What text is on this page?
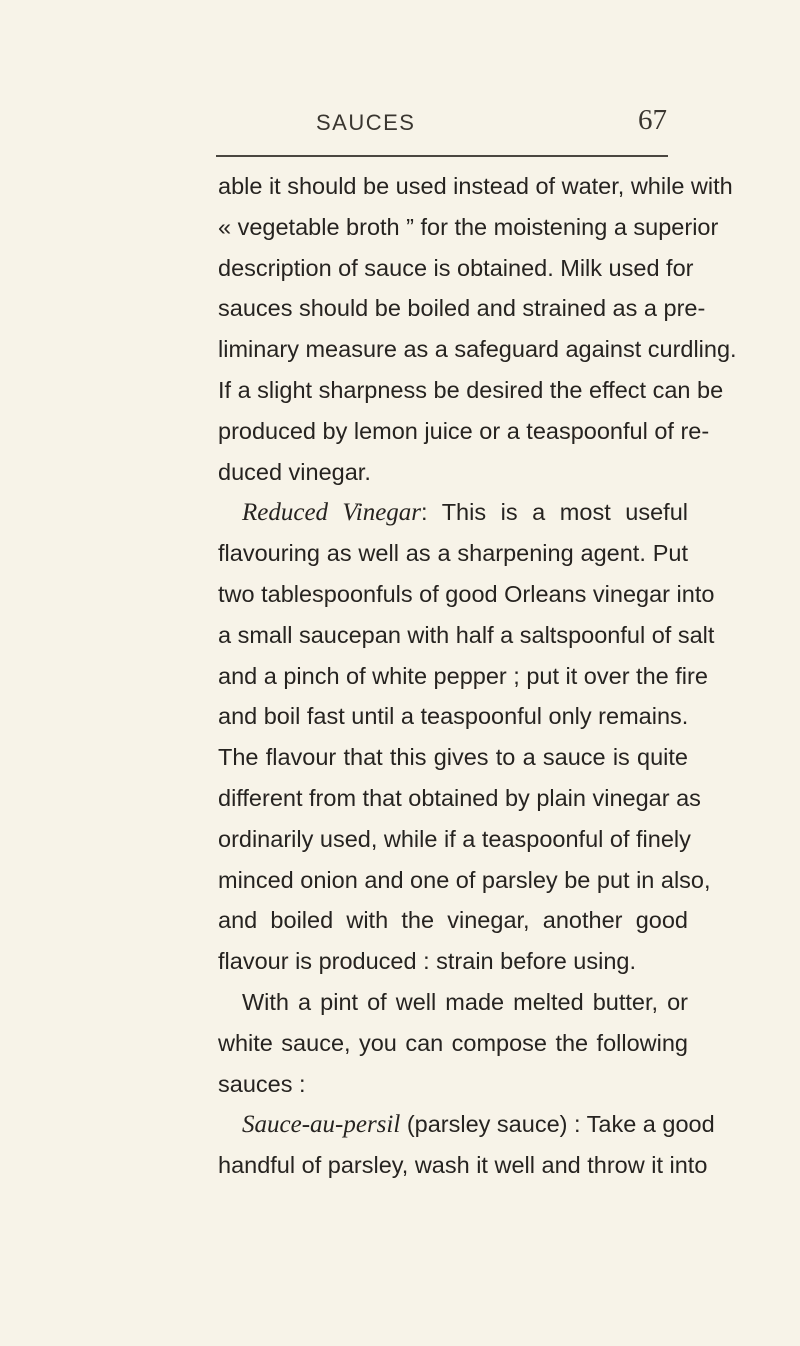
SAUCES	67
able it should be used instead of water, while with
« vegetable broth ” for the moistening a superior
description of sauce is obtained. Milk used for
sauces should be boiled and strained as a pre-
liminary measure as a safeguard against curdling.
If a slight sharpness be desired the effect can be
produced by lemon juice or a teaspoonful of re-
duced vinegar.
Reduced Vinegar: This is a most useful
flavouring as well as a sharpening agent. Put
two tablespoonfuls of good Orleans vinegar into
a small saucepan with half a saltspoonful of salt
and a pinch of white pepper ; put it over the fire
and boil fast until a teaspoonful only remains.
The flavour that this gives to a sauce is quite
different from that obtained by plain vinegar as
ordinarily used, while if a teaspoonful of finely
minced onion and one of parsley be put in also,
and boiled with the vinegar, another good
flavour is produced : strain before using.
With a pint of well made melted butter, or
white sauce, you can compose the following
sauces :
Sauce-au-persil (parsley sauce) : Take a good
handful of parsley, wash it well and throw it into
